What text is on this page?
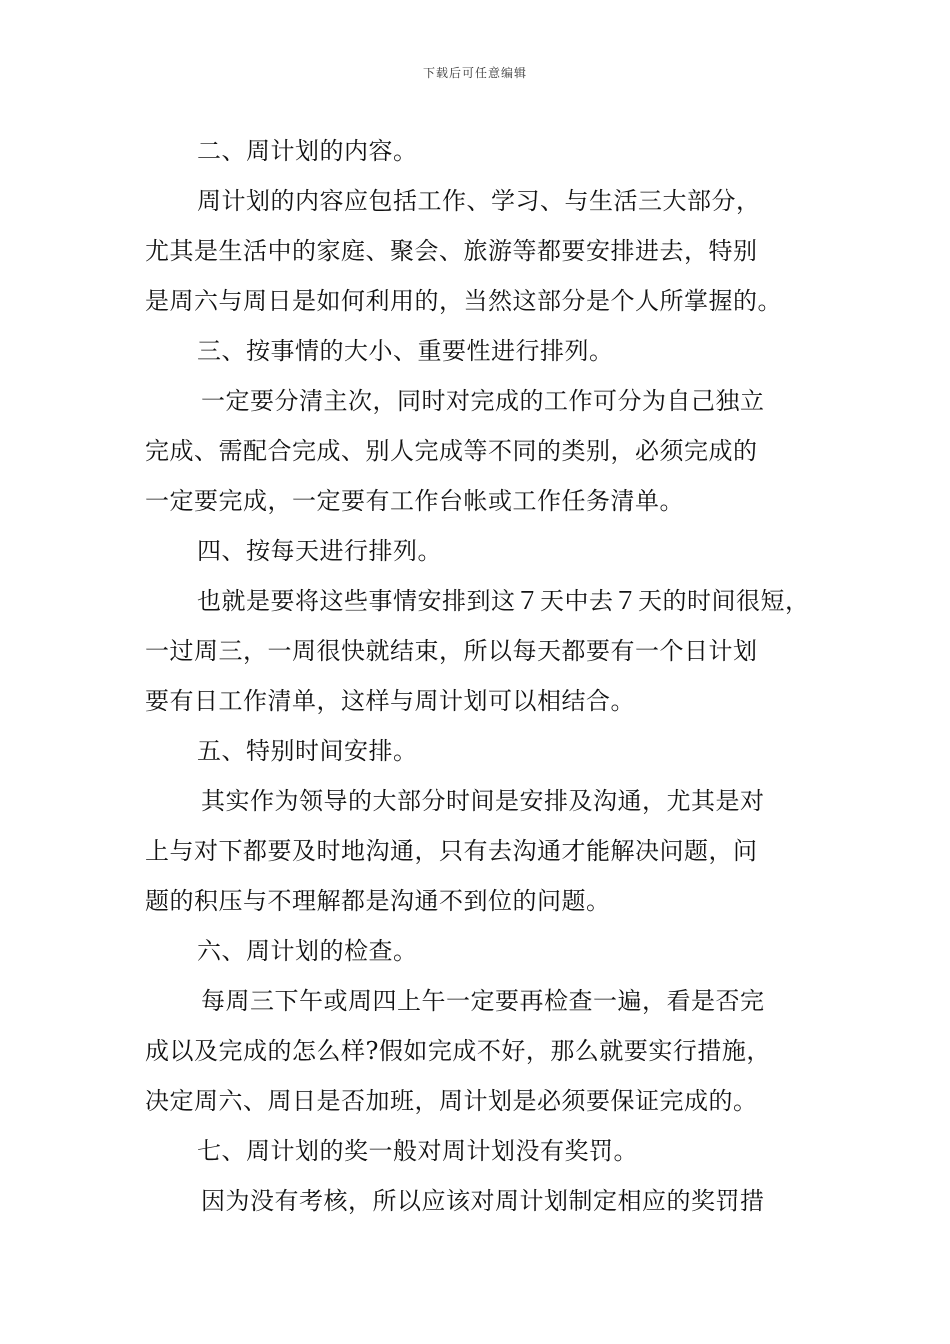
下载后可任意编辑
二、周计划的内容。
周计划的内容应包括工作、学习、与生活三大部分，
尤其是生活中的家庭、聚会、旅游等都要安排进去，特别
是周六与周日是如何利用的，当然这部分是个人所掌握的。
三、按事情的大小、重要性进行排列。
一定要分清主次，同时对完成的工作可分为自己独立
完成、需配合完成、别人完成等不同的类别，必须完成的
一定要完成，一定要有工作台帐或工作任务清单。
四、按每天进行排列。
也就是要将这些事情安排到这７天中去７天的时间很短，
一过周三，一周很快就结束，所以每天都要有一个日计划
要有日工作清单，这样与周计划可以相结合。
五、特别时间安排。
其实作为领导的大部分时间是安排及沟通，尤其是对
上与对下都要及时地沟通，只有去沟通才能解决问题，问
题的积压与不理解都是沟通不到位的问题。
六、周计划的检查。
每周三下午或周四上午一定要再检查一遍，看是否完
成以及完成的怎么样?假如完成不好，那么就要实行措施，
决定周六、周日是否加班，周计划是必须要保证完成的。
七、周计划的奖一般对周计划没有奖罚。
因为没有考核，所以应该对周计划制定相应的奖罚措
